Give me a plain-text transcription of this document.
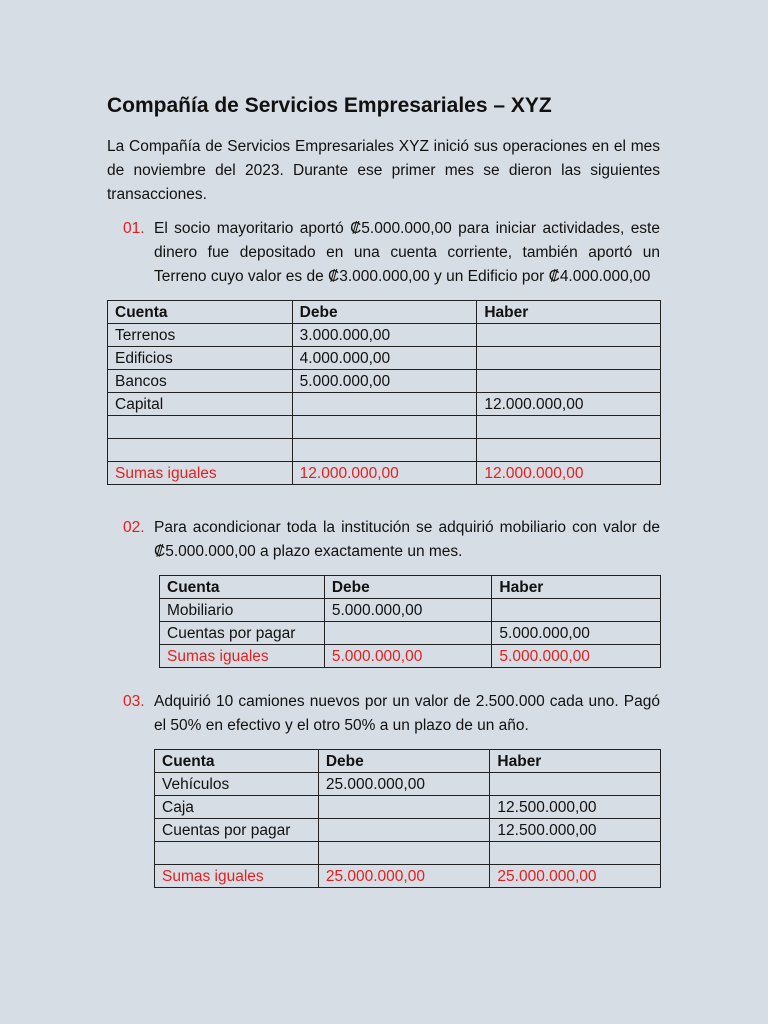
Compañía de Servicios Empresariales – XYZ
La Compañía de Servicios Empresariales XYZ inició sus operaciones en el mes de noviembre del 2023. Durante ese primer mes se dieron las siguientes transacciones.
01. El socio mayoritario aportó ₡5.000.000,00 para iniciar actividades, este dinero fue depositado en una cuenta corriente, también aportó un Terreno cuyo valor es de ₡3.000.000,00 y un Edificio por ₡4.000.000,00
Cuenta	Debe	Haber
Terrenos	3.000.000,00	
Edificios	4.000.000,00	
Bancos	5.000.000,00	
Capital		12.000.000,00

Sumas iguales	12.000.000,00	12.000.000,00
02. Para acondicionar toda la institución se adquirió mobiliario con valor de ₡5.000.000,00 a plazo exactamente un mes.
Cuenta	Debe	Haber
Mobiliario	5.000.000,00	
Cuentas por pagar		5.000.000,00
Sumas iguales	5.000.000,00	5.000.000,00
03. Adquirió 10 camiones nuevos por un valor de 2.500.000 cada uno. Pagó el 50% en efectivo y el otro 50% a un plazo de un año.
Cuenta	Debe	Haber
Vehículos	25.000.000,00	
Caja		12.500.000,00
Cuentas por pagar		12.500.000,00

Sumas iguales	25.000.000,00	25.000.000,00
